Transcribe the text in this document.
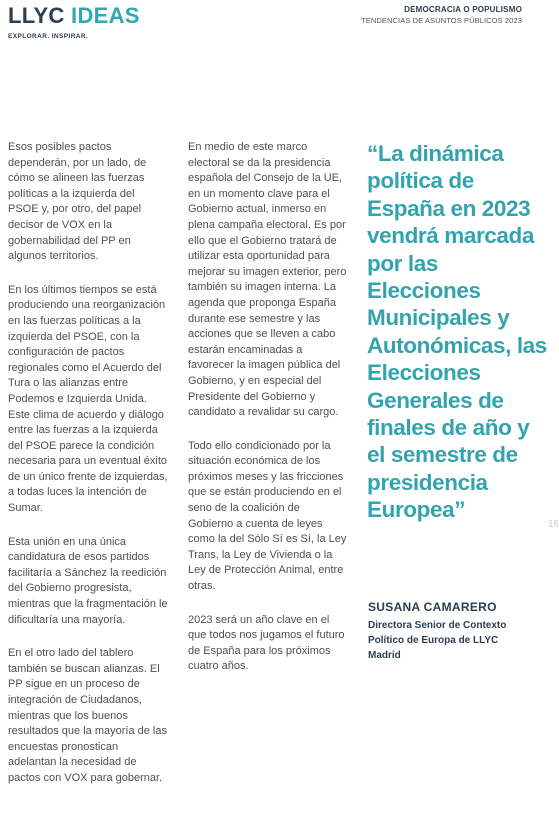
LLYC IDEAS
EXPLORAR. INSPIRAR.
DEMOCRACIA O POPULISMO
TENDENCIAS DE ASUNTOS PÚBLICOS 2023

Esos posibles pactos dependerán, por un lado, de cómo se alineen las fuerzas políticas a la izquierda del PSOE y, por otro, del papel decisor de VOX en la gobernabilidad del PP en algunos territorios.

En los últimos tiempos se está produciendo una reorganización en las fuerzas políticas a la izquierda del PSOE, con la configuración de pactos regionales como el Acuerdo del Tura o las alianzas entre Podemos e Izquierda Unida. Este clima de acuerdo y diálogo entre las fuerzas a la izquierda del PSOE parece la condición necesaria para un eventual éxito de un único frente de izquierdas, a todas luces la intención de Sumar.

Esta unión en una única candidatura de esos partidos facilitaría a Sánchez la reedición del Gobierno progresista, mientras que la fragmentación le dificultaría una mayoría.

En el otro lado del tablero también se buscan alianzas. El PP sigue en un proceso de integración de Ciudadanos, mientras que los buenos resultados que la mayoría de las encuestas pronostican adelantan la necesidad de pactos con VOX para gobernar.

En medio de este marco electoral se da la presidencia española del Consejo de la UE, en un momento clave para el Gobierno actual, inmerso en plena campaña electoral. Es por ello que el Gobierno tratará de utilizar esta oportunidad para mejorar su imagen exterior, pero también su imagen interna. La agenda que proponga España durante ese semestre y las acciones que se lleven a cabo estarán encaminadas a favorecer la imagen pública del Gobierno, y en especial del Presidente del Gobierno y candidato a revalidar su cargo.

Todo ello condicionado por la situación económica de los próximos meses y las fricciones que se están produciendo en el seno de la coalición de Gobierno a cuenta de leyes como la del Sólo Sí es Sí, la Ley Trans, la Ley de Vivienda o la Ley de Protección Animal, entre otras.

2023 será un año clave en el que todos nos jugamos el futuro de España para los próximos cuatro años.

“La dinámica política de España en 2023 vendrá marcada por las Elecciones Municipales y Autonómicas, las Elecciones Generales de finales de año y el semestre de presidencia Europea”
SUSANA CAMARERO
Directora Senior de Contexto
Político de Europa de LLYC
Madrid
16
